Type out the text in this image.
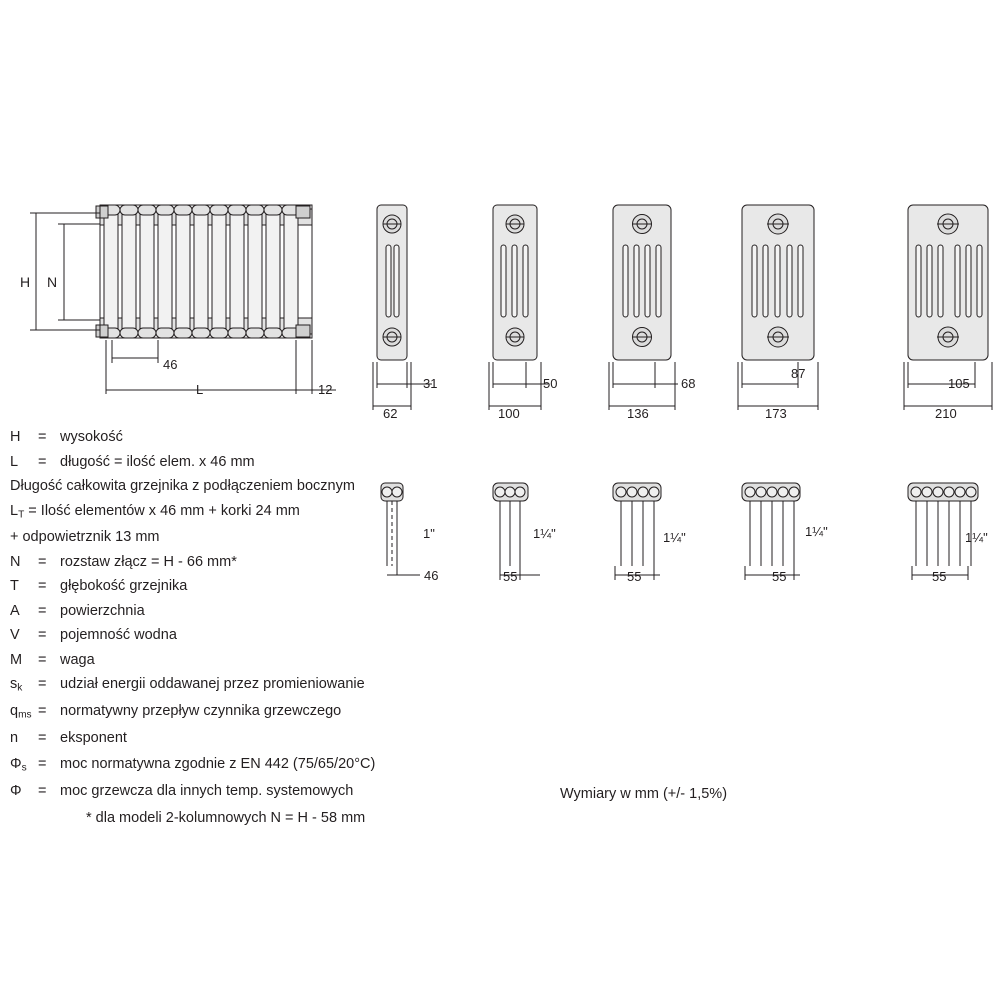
H N
46
L	12	31	50	68
87
105
62	100	136	173	210
1"	1¼"	1¼"	1¼"	1¼"
46	55	55	55	55
H	= wysokość
L	= długość = ilość elem. x 46 mm
Długość całkowita grzejnika z podłączeniem bocznym
$L_T$ = Ilość elementów x 46 mm + korki 24 mm
+ odpowietrznik 13 mm
N	= rozstaw złącz = H - 66 mm*
T	= głębokość grzejnika
A	= powierzchnia
V	= pojemność wodna
M	= waga
$s_k$	= udział energii oddawanej przez promieniowanie
$q_{ms}$ = normatywny przepływ czynnika grzewczego
n	= eksponent
$\Phi_s$ = moc normatywna zgodnie z EN 442 (75/65/20°C)
Φ	= moc grzewcza dla innych temp. systemowych
* dla modeli 2-kolumnowych N = H - 58 mm
Wymiary w mm (+/- 1,5%)
